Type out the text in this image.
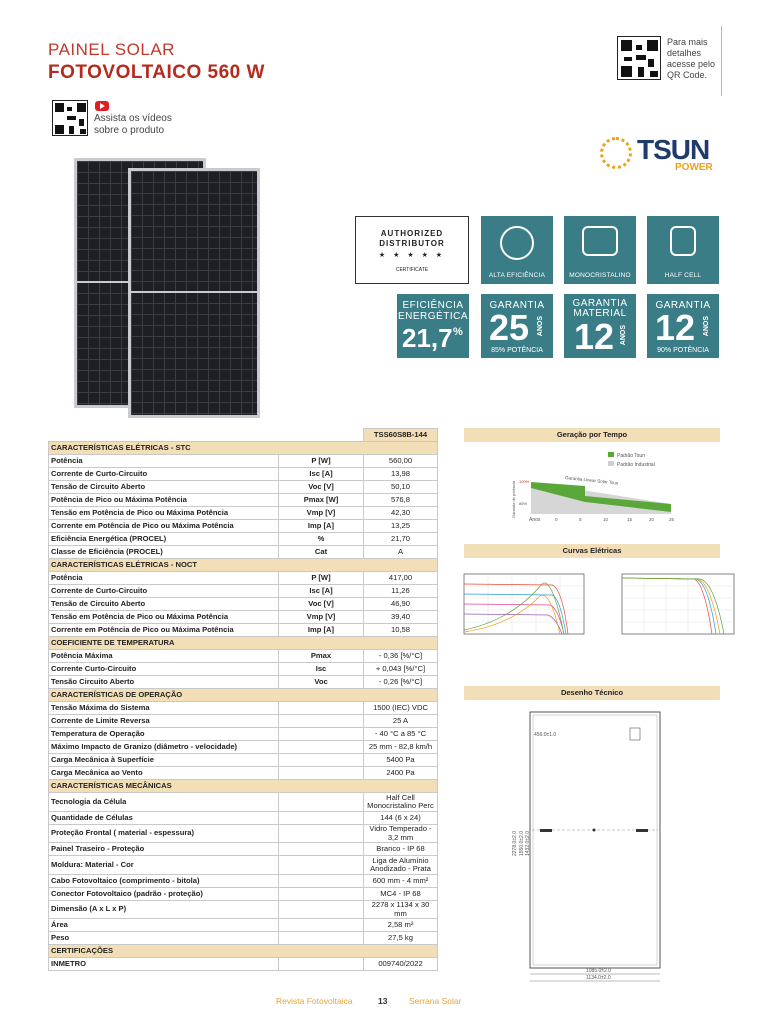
PAINEL SOLAR
FOTOVOLTAICO 560 W
Para mais
detalhes
acesse pelo
QR Code.
Assista os vídeos
sobre o produto
TSUN
POWER
AUTHORIZED
DISTRIBUTOR
★ ★ ★ ★ ★
CERTIFICATE
ALTA EFICIÊNCIA	MONOCRISTALINO	HALF CELL
EFICIÊNCIA
ENERGÉTICA
21,7 %
GARANTIA
25 ANOS
85% POTÊNCIA
GARANTIA
MATERIAL
12 ANOS
GARANTIA
12 ANOS
90% POTÊNCIA
		TSS60S8B-144
CARACTERÍSTICAS ELÉTRICAS - STC		
Potência	P [W]	560,00
Corrente de Curto-Circuito	Isc [A]	13,98
Tensão de Circuito Aberto	Voc [V]	50,10
Potência de Pico ou Máxima Potência	Pmax [W]	576,8
Tensão em Potência de Pico ou Máxima Potência	Vmp [V]	42,30
Corrente em Potência de Pico ou Máxima Potência	Imp [A]	13,25
Eficiência Energética (PROCEL)	%	21,70
Classe de Eficiência (PROCEL)	Cat	A
CARACTERÍSTICAS ELÉTRICAS - NOCT		
Potência	P [W]	417,00
Corrente de Curto-Circuito	Isc [A]	11,26
Tensão de Circuito Aberto	Voc [V]	46,90
Tensão em Potência de Pico ou Máxima Potência	Vmp [V]	39,40
Corrente em Potência de Pico ou Máxima Potência	Imp [A]	10,58
COEFICIENTE DE TEMPERATURA		
Potência Máxima	Pmax	- 0,36 [%/°C]
Corrente Curto-Circuito	Isc	+ 0,043 [%/°C]
Tensão Circuito Aberto	Voc	- 0,26 [%/°C]
CARACTERÍSTICAS DE OPERAÇÃO		
Tensão Máxima do Sistema		1500 (IEC) VDC
Corrente de Limite Reversa		25 A
Temperatura de Operação		- 40 °C a 85 °C
Máximo Impacto de Granizo (diâmetro - velocidade)		25 mm - 82,8 km/h
Carga Mecânica à Superfície		5400 Pa
Carga Mecânica ao Vento		2400 Pa
CARACTERÍSTICAS MECÂNICAS		
Tecnologia da Célula		Half Cell Monocristalino Perc
Quantidade de Células		144 (6 x 24)
Proteção Frontal ( material - espessura)		Vidro Temperado - 3,2 mm
Painel Traseiro - Proteção		Branco - IP 68
Moldura: Material - Cor		Liga de Alumínio Anodizado - Prata
Cabo Fotovoltaico (comprimento - bitola)		600 mm - 4 mm²
Conector Fotovoltaico (padrão - proteção)		MC4 - IP 68
Dimensão (A x L x P)		2278 x 1134 x 30 mm
Área		2,58 m²
Peso		27,5 kg
CERTIFICAÇÕES		
INMETRO		009740/2022
Geração por Tempo
Padrão Tsun
Padrão Industrial
100%
85%
Garantia Linear Solar Tsun
Garantia de potência
Anos	0	5	10	15	20	25
Curvas Elétricas
Desenho Técnico
456.0±1.0
2278.0±2.0 1550.0±2.0 1432.0±2.0
1085.0±2.0
1134.0±2.0
Revista Fotovoltaica	13	Serrana Solar
